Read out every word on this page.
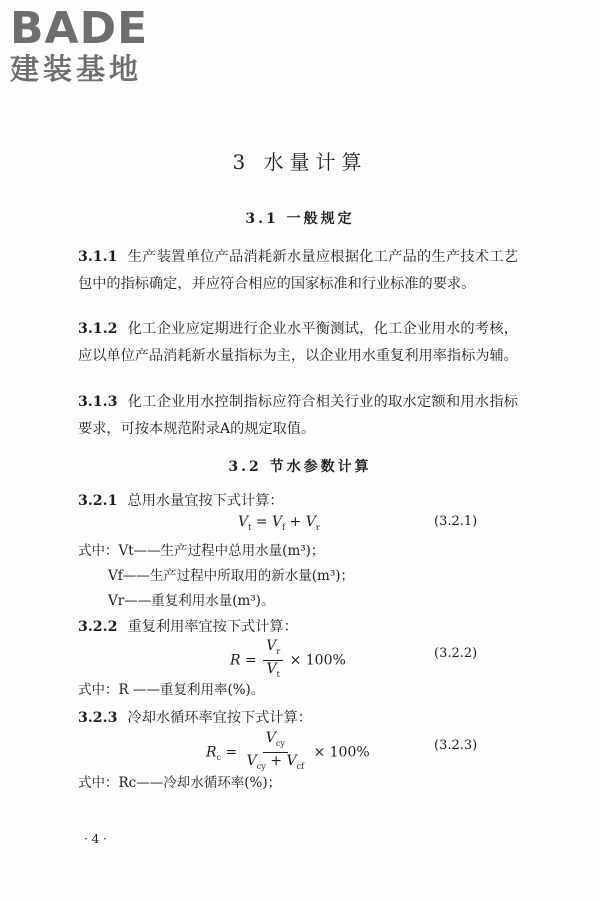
BADE
建装基地
3 水量计算
3.1 一般规定
3.1.1 生产装置单位产品消耗新水量应根据化工产品的生产技术工艺包中的指标确定，并应符合相应的国家标准和行业标准的要求。
3.1.2 化工企业应定期进行企业水平衡测试，化工企业用水的考核，应以单位产品消耗新水量指标为主，以企业用水重复利用率指标为辅。
3.1.3 化工企业用水控制指标应符合相关行业的取水定额和用水指标要求，可按本规范附录A的规定取值。
3.2 节水参数计算
3.2.1 总用水量宜按下式计算：
$V_t = V_f + V_r$	(3.2.1)
式中：Vt——生产过程中总用水量(m³)；
Vf——生产过程中所取用的新水量(m³)；
Vr——重复利用水量(m³)。
3.2.2 重复利用率宜按下式计算：
$R = \frac{V_r}{V_t} \times 100\%$	(3.2.2)
式中：R ——重复利用率(%)。
3.2.3 冷却水循环率宜按下式计算：
$R_c = \frac{V_{cy}}{V_{cy} + V_{cf}} \times 100\%$	(3.2.3)
式中：Rc——冷却水循环率(%)；
· 4 ·
